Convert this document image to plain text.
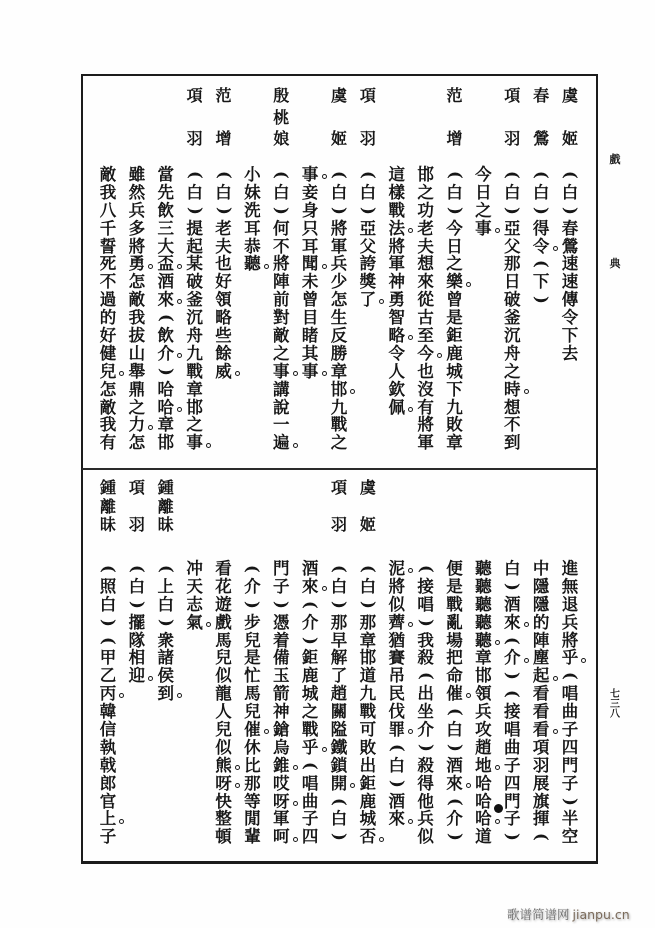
戲
典
七
三
八
虞
姬
(
白
)
春
鶯
速
速
傳
令
下
去
春
鶯
(
白
)
得
令
(
下
)
項
羽
(
白
)
亞
父
那
日
破
釜
沉
舟
之
時
想
不
到
今
日
之
事
范
增
(
白
)
今
日
之
樂
曾
是
鉅
鹿
城
下
九
敗
章
邯
之
功
老
夫
想
來
從
古
至
今
也
沒
有
將
軍
這
樣
戰
法
將
軍
神
勇
智
略
令
人
欽
佩
項
羽
(
白
)
亞
父
誇
獎
了
虞
姬
(
白
)
將
軍
兵
少
怎
生
反
勝
章
邯
九
戰
之
事
妾
身
只
耳
聞
未
曾
目
睹
其
事
殷
桃
娘
(
白
)
何
不
將
陣
前
對
敵
之
事
講
說
一
遍
小
妹
洗
耳
恭
聽
范
增
(
白
)
老
夫
也
好
領
略
些
餘
威
項
羽
(
白
)
提
起
某
破
釜
沉
舟
九
戰
章
邯
之
事
當
先
飲
三
大
盃
酒
來
(
飲
介
)
哈
哈
章
邯
雖
然
兵
多
將
勇
怎
敵
我
拔
山
舉
鼎
之
力
怎
敵
我
八
千
誓
死
不
過
的
好
健
兒
怎
敵
我
有
進
無
退
兵
將
乎
(
唱
曲
子
四
門
子
)
半
空
中
隱
隱
的
陣
塵
起
看
看
看
項
羽
展
旗
揮
(
白
)
酒
來
(
介
)
(
接
唱
曲
子
四
門
子
)
聽
聽
聽
聽
聽
章
邯
領
兵
攻
趙
地
哈
哈
哈
道
便
是
戰
亂
場
把
命
催
(
白
)
酒
來
(
介
)
(
接
唱
)
我
殺
(
出
坐
介
)
殺
得
他
兵
似
泥
將
似
薺
猶
賽
吊
民
伐
罪
(
白
)
酒
來
虞
姬
(
白
)
那
章
邯
道
九
戰
可
敗
出
鉅
鹿
城
否
項
羽
(
白
)
那
早
解
了
趙
關
隘
鐵
鎖
開
(
白
)
酒
來
(
介
)
鉅
鹿
城
之
戰
乎
(
唱
曲
子
四
門
子
)
憑
着
備
玉
箭
神
鎗
烏
錐
哎
呀
軍
呵
(
介
)
步
兒
是
忙
馬
兒
催
休
比
那
等
閒
輩
看
花
遊
戲
馬
兒
似
龍
人
兒
似
熊
呀
快
整
頓
冲
天
志
氣
鍾
離
昧
(
上
白
)
衆
諸
侯
到
項
羽
(
白
)
擺
隊
相
迎
鍾
離
昧
(
照
白
)
(
甲
乙
丙
韓
信
執
戟
郎
官
上
子
歌谱简谱网 jianpu.cn
